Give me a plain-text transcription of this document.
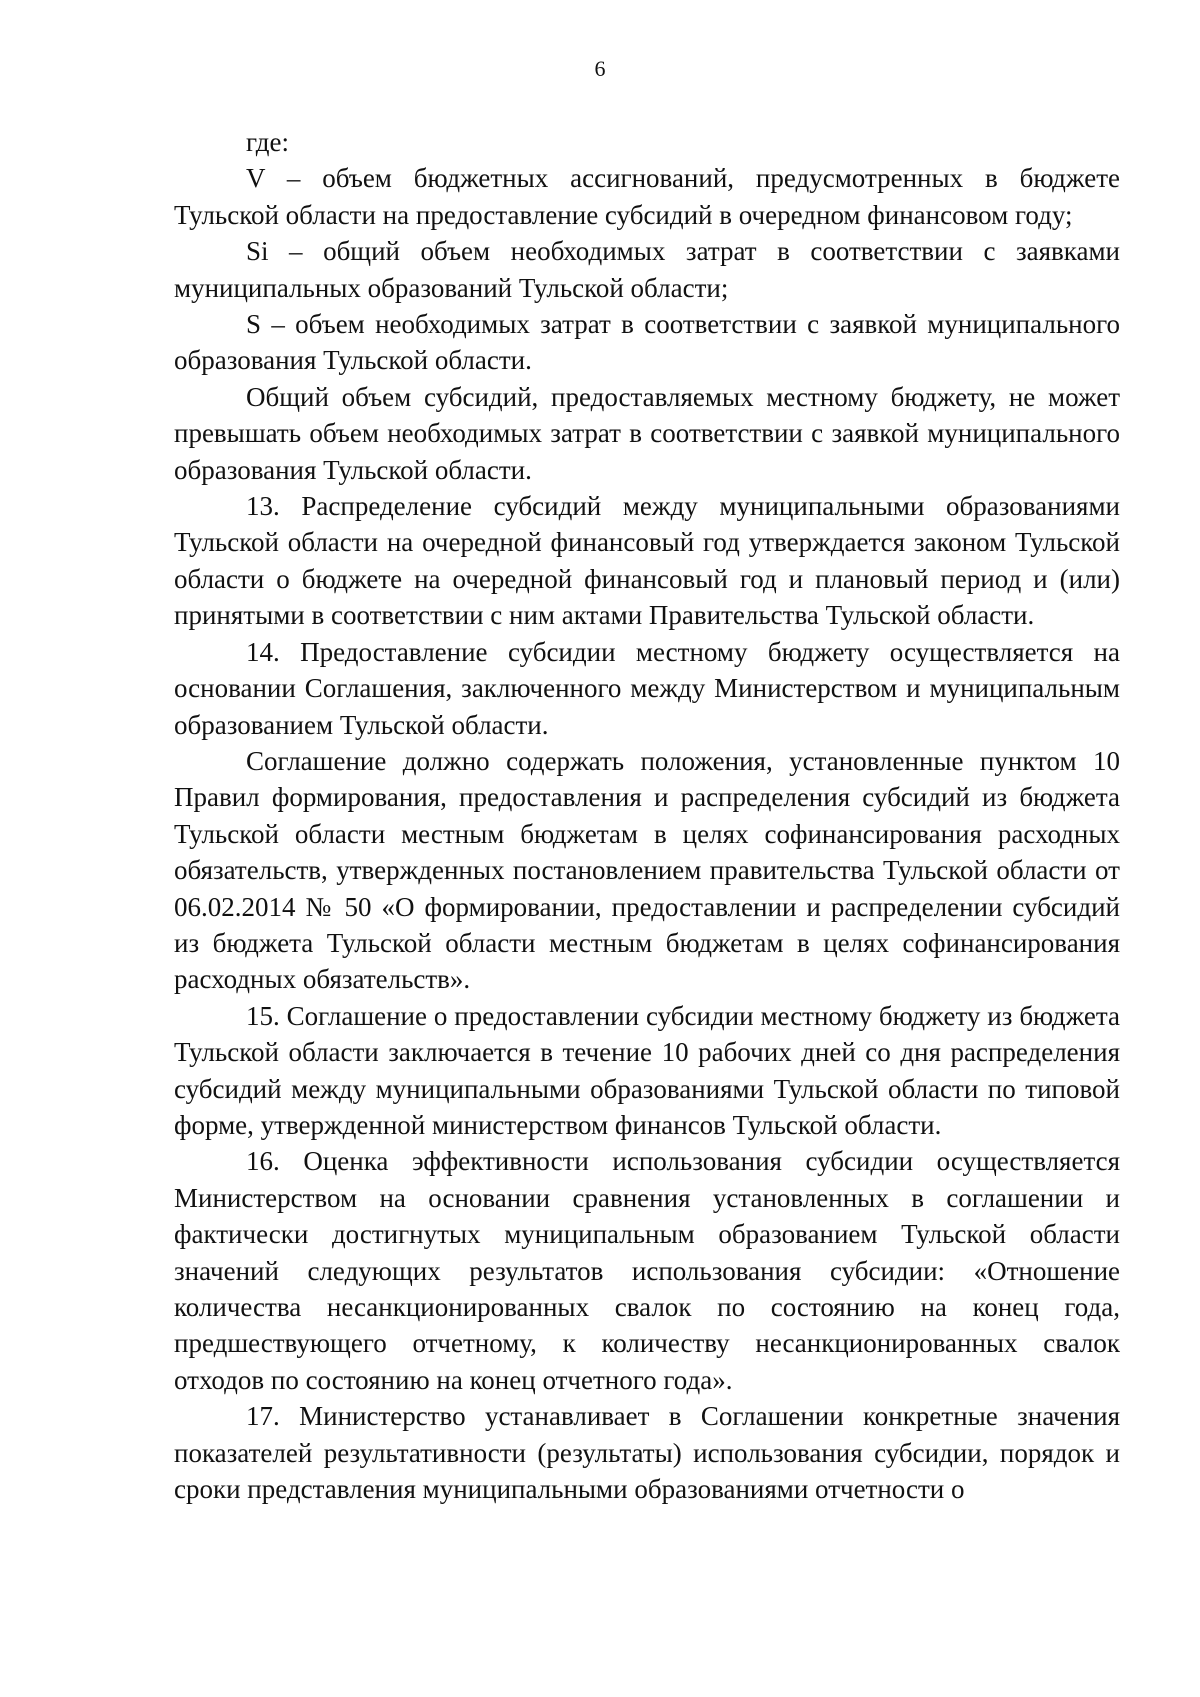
6

где:

V – объем бюджетных ассигнований, предусмотренных в бюджете Тульской области на предоставление субсидий в очередном финансовом году;

Si – общий объем необходимых затрат в соответствии с заявками муниципальных образований Тульской области;

S – объем необходимых затрат в соответствии с заявкой муниципального образования Тульской области.

Общий объем субсидий, предоставляемых местному бюджету, не может превышать объем необходимых затрат в соответствии с заявкой муниципального образования Тульской области.

13. Распределение субсидий между муниципальными образованиями Тульской области на очередной финансовый год утверждается законом Тульской области о бюджете на очередной финансовый год и плановый период и (или) принятыми в соответствии с ним актами Правительства Тульской области.

14. Предоставление субсидии местному бюджету осуществляется на основании Соглашения, заключенного между Министерством и муниципальным образованием Тульской области.

Соглашение должно содержать положения, установленные пунктом 10 Правил формирования, предоставления и распределения субсидий из бюджета Тульской области местным бюджетам в целях софинансирования расходных обязательств, утвержденных постановлением правительства Тульской области от 06.02.2014 № 50 «О формировании, предоставлении и распределении субсидий из бюджета Тульской области местным бюджетам в целях софинансирования расходных обязательств».

15. Соглашение о предоставлении субсидии местному бюджету из бюджета Тульской области заключается в течение 10 рабочих дней со дня распределения субсидий между муниципальными образованиями Тульской области по типовой форме, утвержденной министерством финансов Тульской области.

16. Оценка эффективности использования субсидии осуществляется Министерством на основании сравнения установленных в соглашении и фактически достигнутых муниципальным образованием Тульской области значений следующих результатов использования субсидии: «Отношение количества несанкционированных свалок по состоянию на конец года, предшествующего отчетному, к количеству несанкционированных свалок отходов по состоянию на конец отчетного года».

17. Министерство устанавливает в Соглашении конкретные значения показателей результативности (результаты) использования субсидии, порядок и сроки представления муниципальными образованиями отчетности о
